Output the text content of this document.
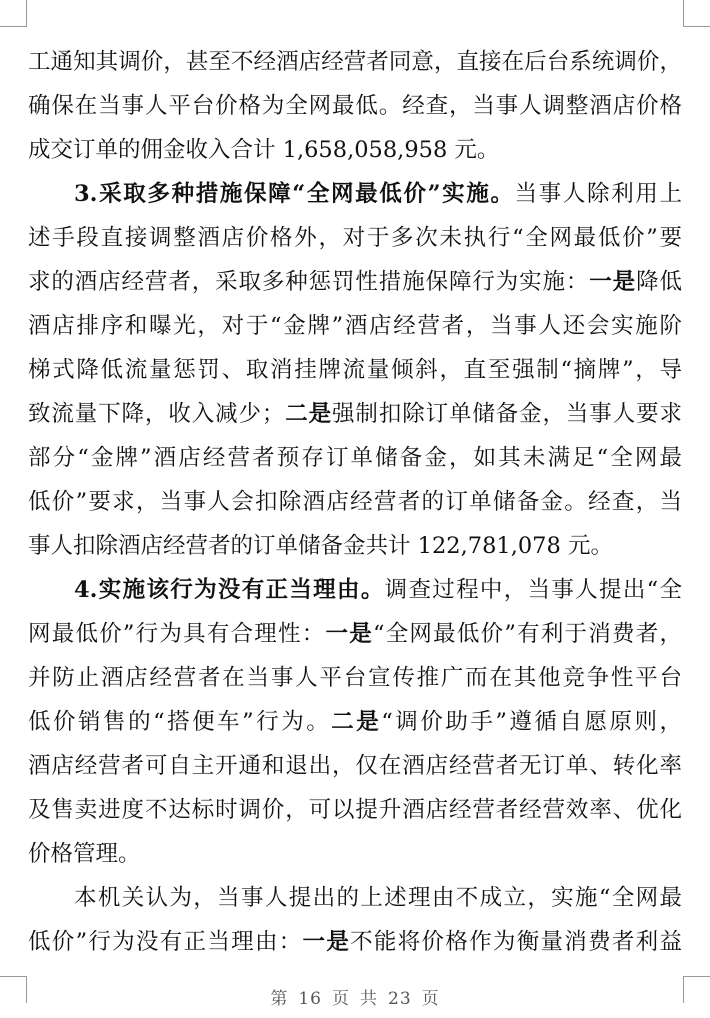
工通知其调价，甚至不经酒店经营者同意，直接在后台系统调价，
确保在当事人平台价格为全网最低。经查，当事人调整酒店价格
成交订单的佣金收入合计 1,658,058,958 元。
3.采取多种措施保障“全网最低价”实施。当事人除利用上
述手段直接调整酒店价格外，对于多次未执行“全网最低价”要
求的酒店经营者，采取多种惩罚性措施保障行为实施：一是降低
酒店排序和曝光，对于“金牌”酒店经营者，当事人还会实施阶
梯式降低流量惩罚、取消挂牌流量倾斜，直至强制“摘牌”，导
致流量下降，收入减少；二是强制扣除订单储备金，当事人要求
部分“金牌”酒店经营者预存订单储备金，如其未满足“全网最
低价”要求，当事人会扣除酒店经营者的订单储备金。经查，当
事人扣除酒店经营者的订单储备金共计 122,781,078 元。
4.实施该行为没有正当理由。调查过程中，当事人提出“全
网最低价”行为具有合理性：一是“全网最低价”有利于消费者，
并防止酒店经营者在当事人平台宣传推广而在其他竞争性平台
低价销售的“搭便车”行为。二是“调价助手”遵循自愿原则，
酒店经营者可自主开通和退出，仅在酒店经营者无订单、转化率
及售卖进度不达标时调价，可以提升酒店经营者经营效率、优化
价格管理。
本机关认为，当事人提出的上述理由不成立，实施“全网最
低价”行为没有正当理由：一是不能将价格作为衡量消费者利益
第 16 页 共 23 页
